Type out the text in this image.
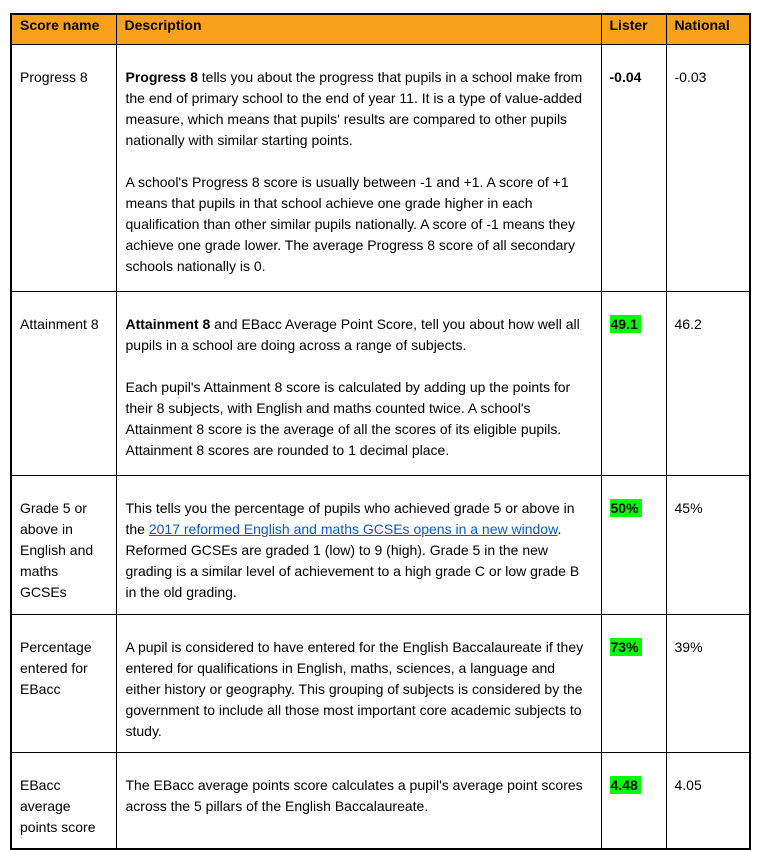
Score name	Description	Lister	National
Progress 8	Progress 8 tells you about the progress that pupils in a school make from the end of primary school to the end of year 11. It is a type of value-added measure, which means that pupils' results are compared to other pupils nationally with similar starting points.

A school's Progress 8 score is usually between -1 and +1. A score of +1 means that pupils in that school achieve one grade higher in each qualification than other similar pupils nationally. A score of -1 means they achieve one grade lower. The average Progress 8 score of all secondary schools nationally is 0.	-0.04	-0.03
Attainment 8	Attainment 8 and EBacc Average Point Score, tell you about how well all pupils in a school are doing across a range of subjects.

Each pupil's Attainment 8 score is calculated by adding up the points for their 8 subjects, with English and maths counted twice. A school's Attainment 8 score is the average of all the scores of its eligible pupils. Attainment 8 scores are rounded to 1 decimal place.	49.1	46.2
Grade 5 or above in English and maths GCSEs	This tells you the percentage of pupils who achieved grade 5 or above in the 2017 reformed English and maths GCSEs opens in a new window. Reformed GCSEs are graded 1 (low) to 9 (high). Grade 5 in the new grading is a similar level of achievement to a high grade C or low grade B in the old grading.	50%	45%
Percentage entered for EBacc	A pupil is considered to have entered for the English Baccalaureate if they entered for qualifications in English, maths, sciences, a language and either history or geography. This grouping of subjects is considered by the government to include all those most important core academic subjects to study.	73%	39%
EBacc average points score	The EBacc average points score calculates a pupil's average point scores across the 5 pillars of the English Baccalaureate.	4.48	4.05
